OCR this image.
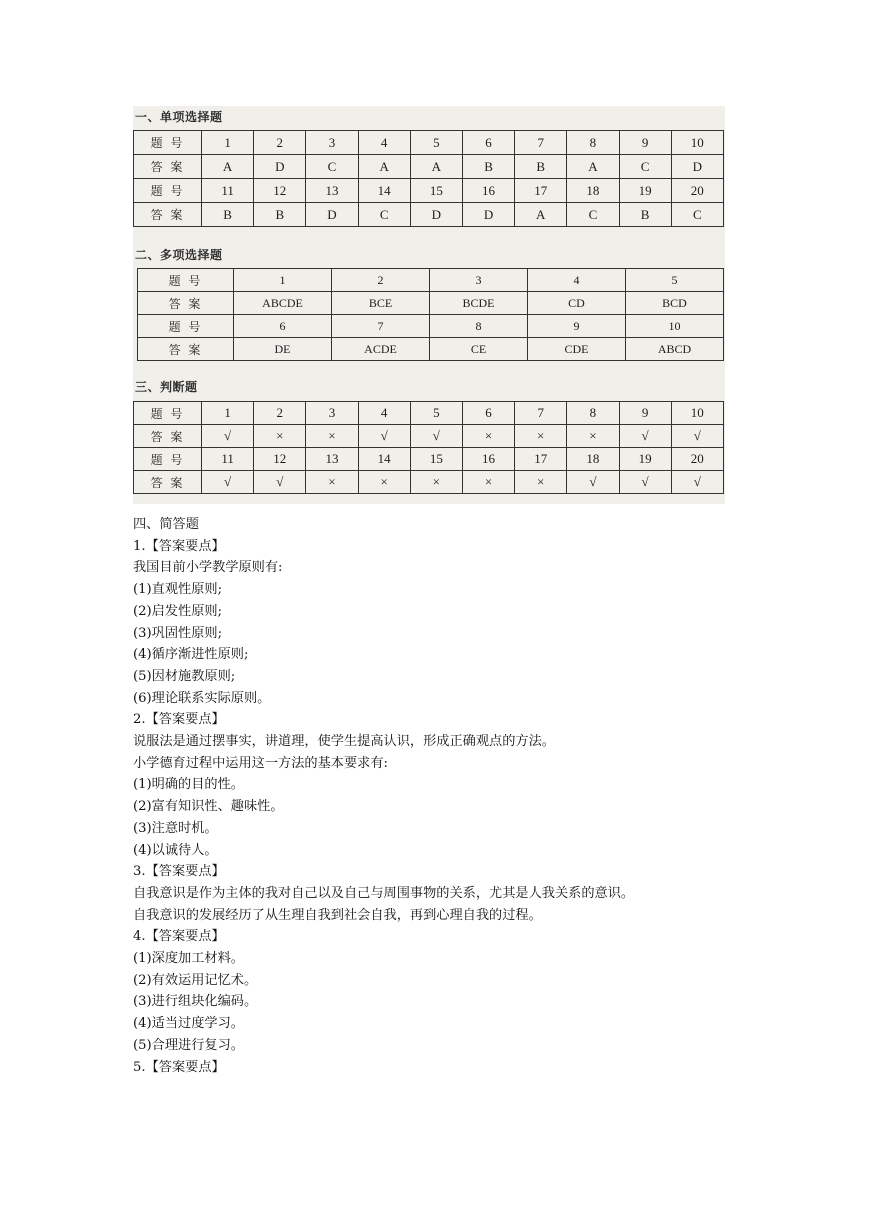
一、单项选择题
题 号	1	2	3	4	5	6	7	8	9	10
答 案	A	D	C	A	A	B	B	A	C	D
题 号	11	12	13	14	15	16	17	18	19	20
答 案	B	B	D	C	D	D	A	C	B	C
二、多项选择题
题 号	1	2	3	4	5
答 案	ABCDE	BCE	BCDE	CD	BCD
题 号	6	7	8	9	10
答 案	DE	ACDE	CE	CDE	ABCD
三、判断题
题 号	1	2	3	4	5	6	7	8	9	10
答 案	√	×	×	√	√	×	×	×	√	√
题 号	11	12	13	14	15	16	17	18	19	20
答 案	√	√	×	×	×	×	×	√	√	√

四、简答题

1.【答案要点】

我国目前小学教学原则有:

(1)直观性原则;

(2)启发性原则;

(3)巩固性原则;

(4)循序渐进性原则;

(5)因材施教原则;

(6)理论联系实际原则。

2.【答案要点】

说服法是通过摆事实，讲道理，使学生提高认识，形成正确观点的方法。

小学德育过程中运用这一方法的基本要求有:

(1)明确的目的性。

(2)富有知识性、趣味性。

(3)注意时机。

(4)以诚待人。

3.【答案要点】

自我意识是作为主体的我对自己以及自己与周围事物的关系，尤其是人我关系的意识。

自我意识的发展经历了从生理自我到社会自我，再到心理自我的过程。

4.【答案要点】

(1)深度加工材料。

(2)有效运用记忆术。

(3)进行组块化编码。

(4)适当过度学习。

(5)合理进行复习。

5.【答案要点】
